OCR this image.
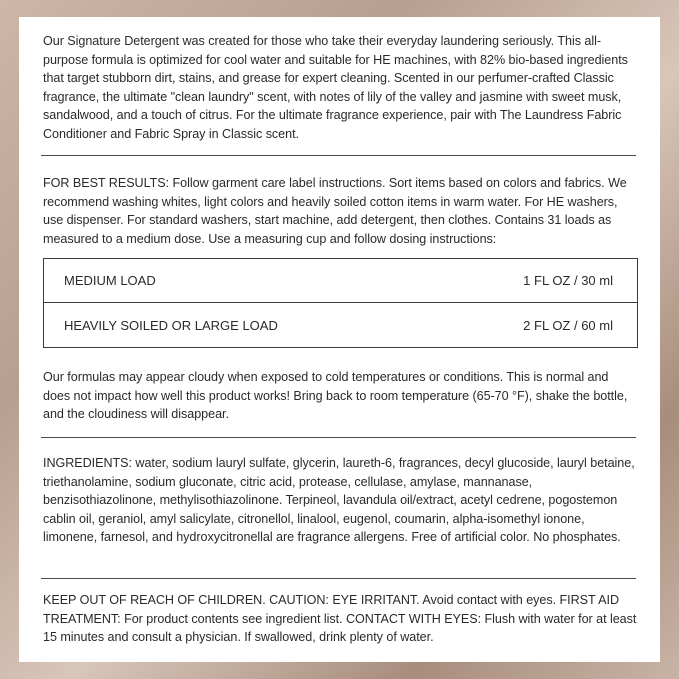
Our Signature Detergent was created for those who take their everyday laundering seriously. This all-purpose formula is optimized for cool water and suitable for HE machines, with 82% bio-based ingredients that target stubborn dirt, stains, and grease for expert cleaning. Scented in our perfumer-crafted Classic fragrance, the ultimate "clean laundry" scent, with notes of lily of the valley and jasmine with sweet musk, sandalwood, and a touch of citrus. For the ultimate fragrance experience, pair with The Laundress Fabric Conditioner and Fabric Spray in Classic scent.

FOR BEST RESULTS: Follow garment care label instructions. Sort items based on colors and fabrics. We recommend washing whites, light colors and heavily soiled cotton items in warm water. For HE washers, use dispenser. For standard washers, start machine, add detergent, then clothes. Contains 31 loads as measured to a medium dose. Use a measuring cup and follow dosing instructions:

MEDIUM LOAD	1 FL OZ / 30 ml
HEAVILY SOILED OR LARGE LOAD	2 FL OZ / 60 ml

Our formulas may appear cloudy when exposed to cold temperatures or conditions. This is normal and does not impact how well this product works! Bring back to room temperature (65-70 °F), shake the bottle, and the cloudiness will disappear.

INGREDIENTS: water, sodium lauryl sulfate, glycerin, laureth-6, fragrances, decyl glucoside, lauryl betaine, triethanolamine, sodium gluconate, citric acid, protease, cellulase, amylase, mannanase, benzisothiazolinone, methylisothiazolinone. Terpineol, lavandula oil/extract, acetyl cedrene, pogostemon cablin oil, geraniol, amyl salicylate, citronellol, linalool, eugenol, coumarin, alpha-isomethyl ionone, limonene, farnesol, and hydroxycitronellal are fragrance allergens. Free of artificial color. No phosphates.

KEEP OUT OF REACH OF CHILDREN. CAUTION: EYE IRRITANT. Avoid contact with eyes. FIRST AID TREATMENT: For product contents see ingredient list. CONTACT WITH EYES: Flush with water for at least 15 minutes and consult a physician. If swallowed, drink plenty of water.
